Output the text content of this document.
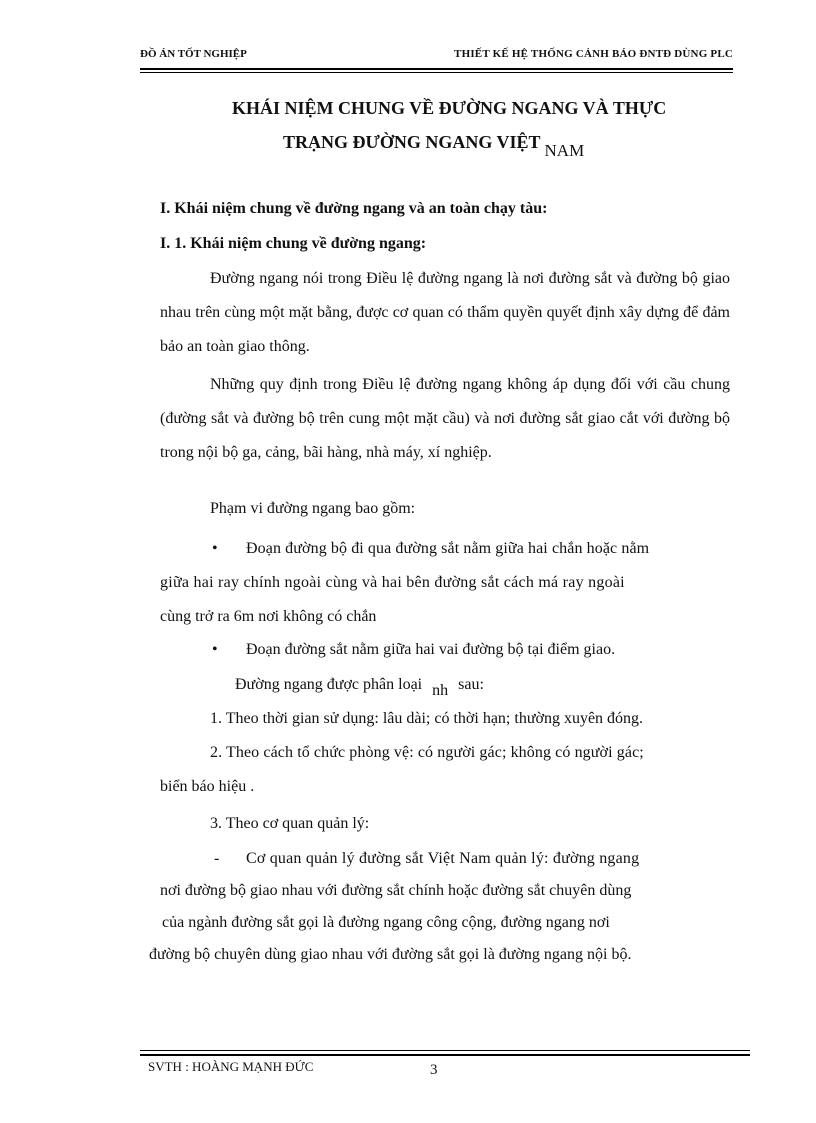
ĐỒ ÁN TỐT NGHIỆP	THIẾT KẾ HỆ THỐNG CẢNH BÁO ĐNTĐ DÙNG PLC
KHÁI NIỆM CHUNG VỀ ĐƯỜNG NGANG VÀ THỰC
TRẠNG ĐƯỜNG NGANG VIỆT NAM
I. Khái niệm chung về đường ngang và an toàn chạy tàu:
I. 1. Khái niệm chung về đường ngang:

Đường ngang nói trong Điều lệ đường ngang là nơi đường sắt và đường bộ giao nhau trên cùng một mặt bằng, được cơ quan có thẩm quyền quyết định xây dựng để đảm bảo an toàn giao thông.

Những quy định trong Điều lệ đường ngang không áp dụng đối với cầu chung (đường sắt và đường bộ trên cung một mặt cầu) và nơi đường sắt giao cắt với đường bộ trong nội bộ ga, cảng, bãi hàng, nhà máy, xí nghiệp.

Phạm vi đường ngang bao gồm:
• Đoạn đường bộ đi qua đường sắt nằm giữa hai chắn hoặc nằm
giữa hai ray chính ngoài cùng và hai bên đường sắt cách má ray ngoài
cùng trở ra 6m nơi không có chắn
• Đoạn đường sắt nằm giữa hai vai đường bộ tại điểm giao.
Đường ngang được phân loại nh sau:
1. Theo thời gian sử dụng: lâu dài; có thời hạn; thường xuyên đóng.
2. Theo cách tổ chức phòng vệ: có người gác; không có người gác;
biển báo hiệu .
3. Theo cơ quan quản lý:
- Cơ quan quản lý đường sắt Việt Nam quản lý: đường ngang
nơi đường bộ giao nhau với đường sắt chính hoặc đường sắt chuyên dùng
của ngành đường sắt gọi là đường ngang công cộng, đường ngang nơi
đường bộ chuyên dùng giao nhau với đường sắt gọi là đường ngang nội bộ.
SVTH : HOÀNG MẠNH ĐỨC	3
